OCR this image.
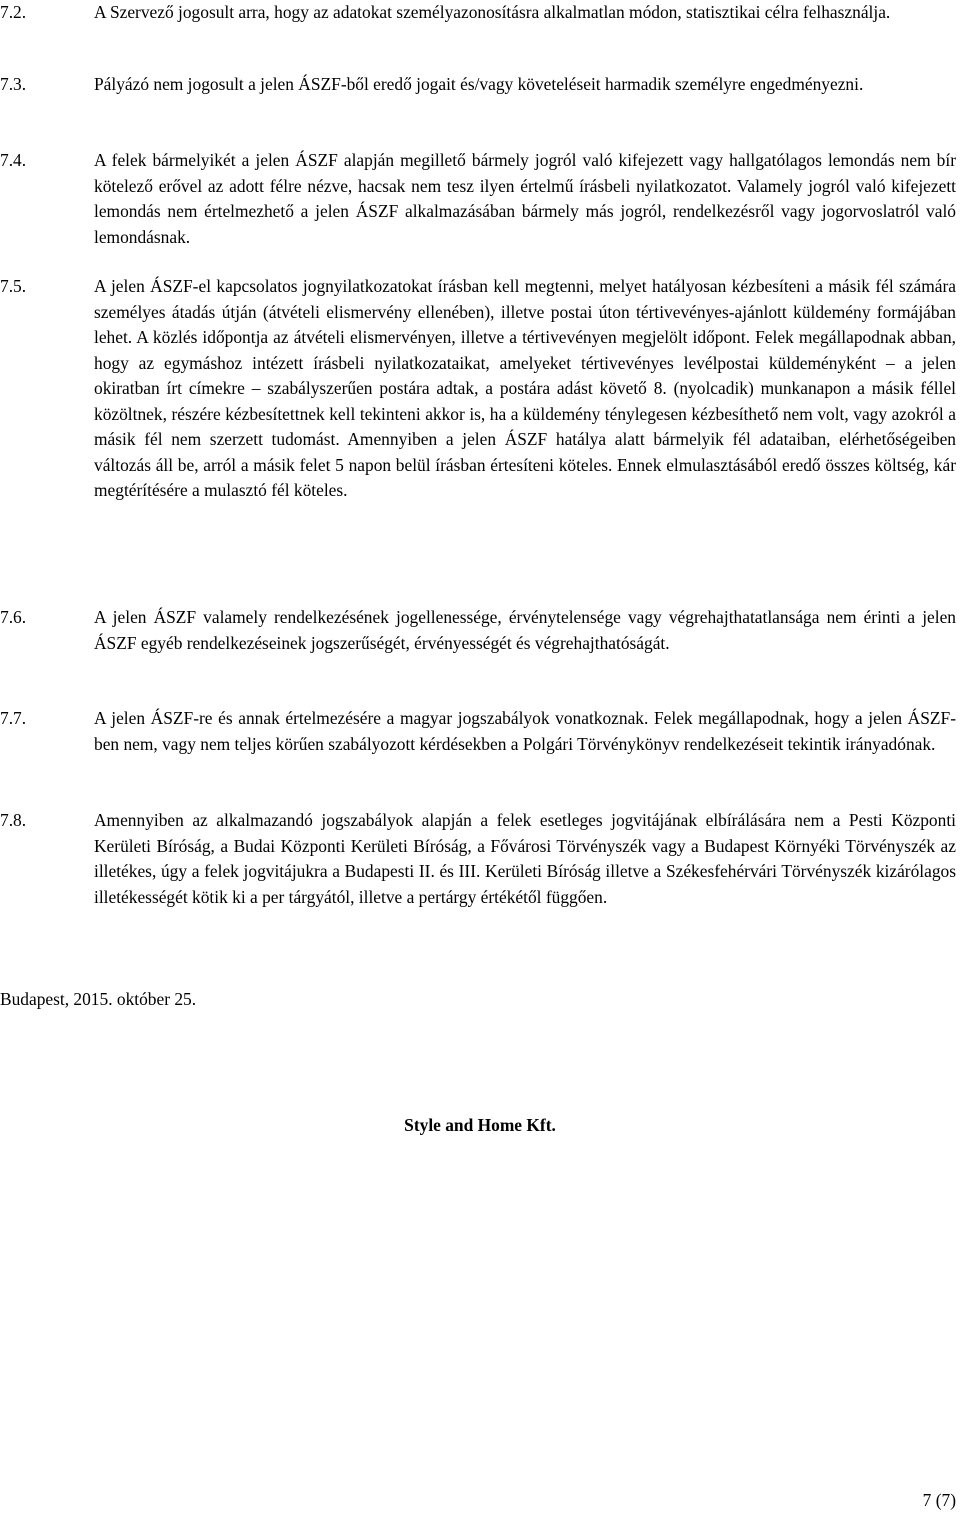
7.2.	A Szervező jogosult arra, hogy az adatokat személyazonosításra alkalmatlan módon, statisztikai célra felhasználja.
7.3.	Pályázó nem jogosult a jelen ÁSZF-ből eredő jogait és/vagy követeléseit harmadik személyre engedményezni.
7.4.	A felek bármelyikét a jelen ÁSZF alapján megillető bármely jogról való kifejezett vagy hallgatólagos lemondás nem bír kötelező erővel az adott félre nézve, hacsak nem tesz ilyen értelmű írásbeli nyilatkozatot. Valamely jogról való kifejezett lemondás nem értelmezhető a jelen ÁSZF alkalmazásában bármely más jogról, rendelkezésről vagy jogorvoslatról való lemondásnak.
7.5.	A jelen ÁSZF-el kapcsolatos jognyilatkozatokat írásban kell megtenni, melyet hatályosan kézbesíteni a másik fél számára személyes átadás útján (átvételi elismervény ellenében), illetve postai úton tértivevényes-ajánlott küldemény formájában lehet. A közlés időpontja az átvételi elismervényen, illetve a tértivevényen megjelölt időpont. Felek megállapodnak abban, hogy az egymáshoz intézett írásbeli nyilatkozataikat, amelyeket tértivevényes levélpostai küldeményként – a jelen okiratban írt címekre – szabályszerűen postára adtak, a postára adást követő 8. (nyolcadik) munkanapon a másik féllel közöltnek, részére kézbesítettnek kell tekinteni akkor is, ha a küldemény ténylegesen kézbesíthető nem volt, vagy azokról a másik fél nem szerzett tudomást. Amennyiben a jelen ÁSZF hatálya alatt bármelyik fél adataiban, elérhetőségeiben változás áll be, arról a másik felet 5 napon belül írásban értesíteni köteles. Ennek elmulasztásából eredő összes költség, kár megtérítésére a mulasztó fél köteles.
7.6.	A jelen ÁSZF valamely rendelkezésének jogellenessége, érvénytelensége vagy végrehajthatatlansága nem érinti a jelen ÁSZF egyéb rendelkezéseinek jogszerűségét, érvényességét és végrehajthatóságát.
7.7.	A jelen ÁSZF-re és annak értelmezésére a magyar jogszabályok vonatkoznak. Felek megállapodnak, hogy a jelen ÁSZF-ben nem, vagy nem teljes körűen szabályozott kérdésekben a Polgári Törvénykönyv rendelkezéseit tekintik irányadónak.
7.8.	Amennyiben az alkalmazandó jogszabályok alapján a felek esetleges jogvitájának elbírálására nem a Pesti Központi Kerületi Bíróság, a Budai Központi Kerületi Bíróság, a Fővárosi Törvényszék vagy a Budapest Környéki Törvényszék az illetékes, úgy a felek jogvitájukra a Budapesti II. és III. Kerületi Bíróság illetve a Székesfehérvári Törvényszék kizárólagos illetékességét kötik ki a per tárgyától, illetve a pertárgy értékétől függően.
Budapest, 2015. október 25.
Style and Home Kft.
7 (7)
